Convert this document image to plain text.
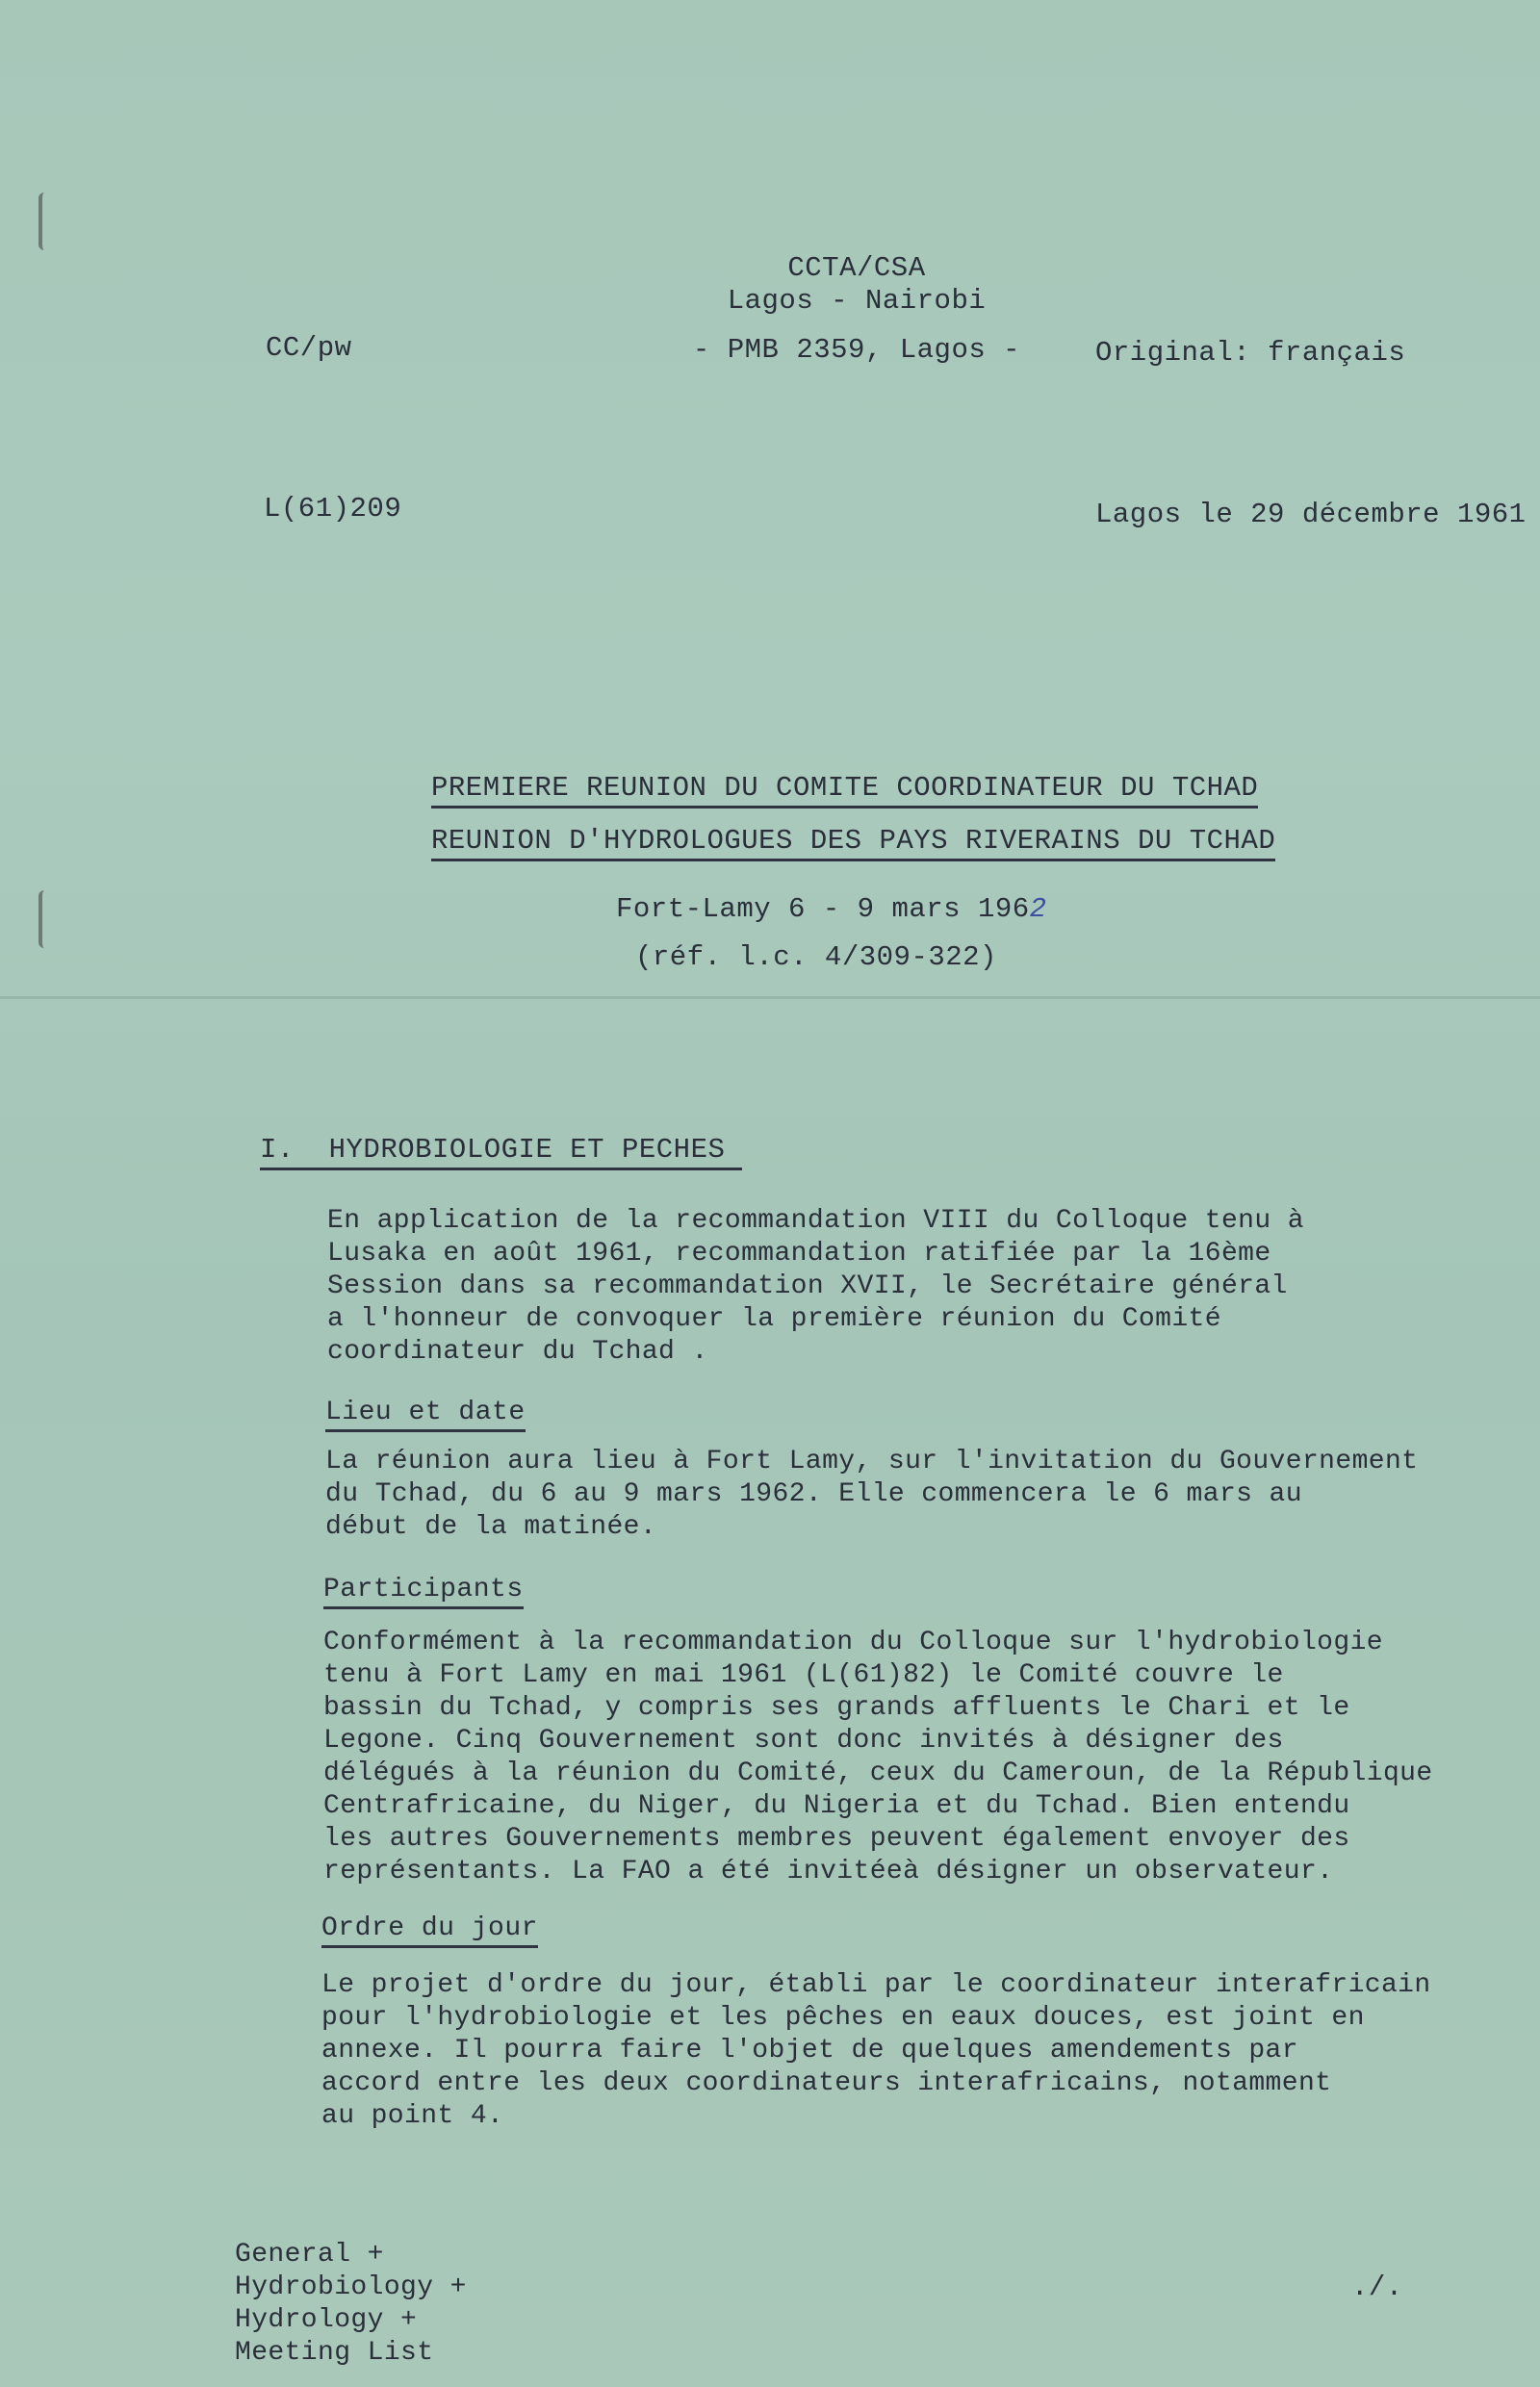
CCTA/CSA
Lagos - Nairobi
- PMB 2359, Lagos -
CC/pw	Original: français
L(61)209	Lagos le 29 décembre 1961
PREMIERE REUNION DU COMITE COORDINATEUR DU TCHAD
REUNION D'HYDROLOGUES DES PAYS RIVERAINS DU TCHAD
Fort-Lamy 6 - 9 mars 1962
(réf. l.c. 4/309-322)
I.  HYDROBIOLOGIE ET PECHES
En application de la recommandation VIII du Colloque tenu à
Lusaka en août 1961, recommandation ratifiée par la 16ème
Session dans sa recommandation XVII, le Secrétaire général
a l'honneur de convoquer la première réunion du Comité
coordinateur du Tchad .
Lieu et date
La réunion aura lieu à Fort Lamy, sur l'invitation du Gouvernement
du Tchad, du 6 au 9 mars 1962. Elle commencera le 6 mars au
début de la matinée.
Participants
Conformément à la recommandation du Colloque sur l'hydrobiologie
tenu à Fort Lamy en mai 1961 (L(61)82) le Comité couvre le
bassin du Tchad, y compris ses grands affluents le Chari et le
Legone. Cinq Gouvernement sont donc invités à désigner des
délégués à la réunion du Comité, ceux du Cameroun, de la République
Centrafricaine, du Niger, du Nigeria et du Tchad. Bien entendu
les autres Gouvernements membres peuvent également envoyer des
représentants. La FAO a été invitéeà désigner un observateur.
Ordre du jour
Le projet d'ordre du jour, établi par le coordinateur interafricain
pour l'hydrobiologie et les pêches en eaux douces, est joint en
annexe. Il pourra faire l'objet de quelques amendements par
accord entre les deux coordinateurs interafricains, notamment
au point 4.
General +
Hydrobiology +
Hydrology +
Meeting List
./.
